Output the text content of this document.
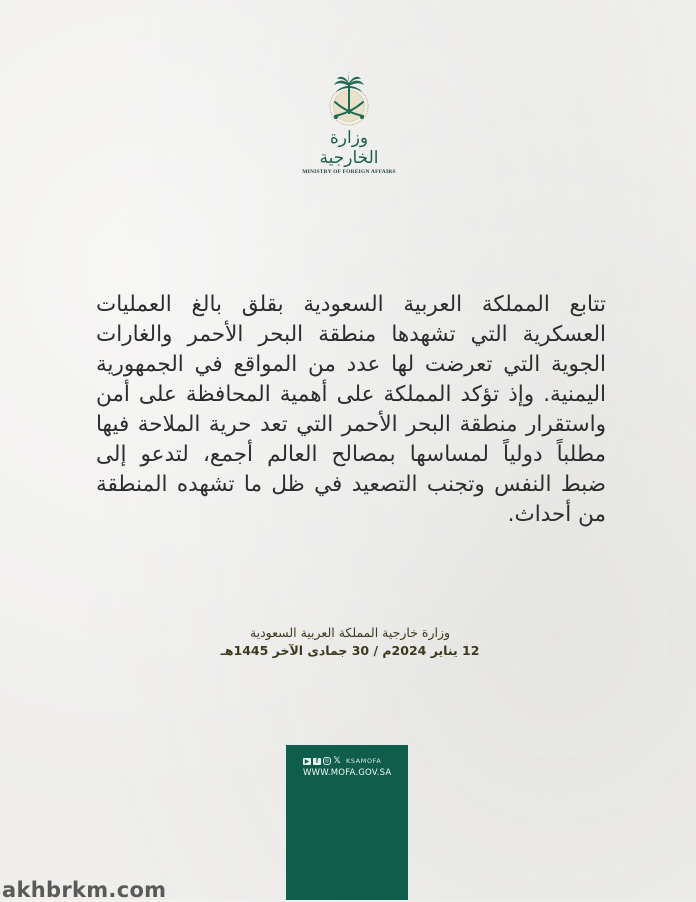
وزارة الخارجية
MINISTRY OF FOREIGN AFFAIRS
تتابع المملكة العربية السعودية بقلق بالغ العمليات العسكرية التي تشهدها منطقة البحر الأحمر والغارات الجوية التي تعرضت لها عدد من المواقع في الجمهورية اليمنية. وإذ تؤكد المملكة على أهمية المحافظة على أمن واستقرار منطقة البحر الأحمر التي تعد حرية الملاحة فيها مطلباً دولياً لمساسها بمصالح العالم أجمع، لتدعو إلى ضبط النفس وتجنب التصعيد في ظل ما تشهده المنطقة من أحداث.
وزارة خارجية المملكة العربية السعودية
12 يناير 2024م / 30 جمادى الآخر 1445هـ
▶	f	◎ 𝕏 KSAMOFA
WWW.MOFA.GOV.SA
akhbrkm.com
